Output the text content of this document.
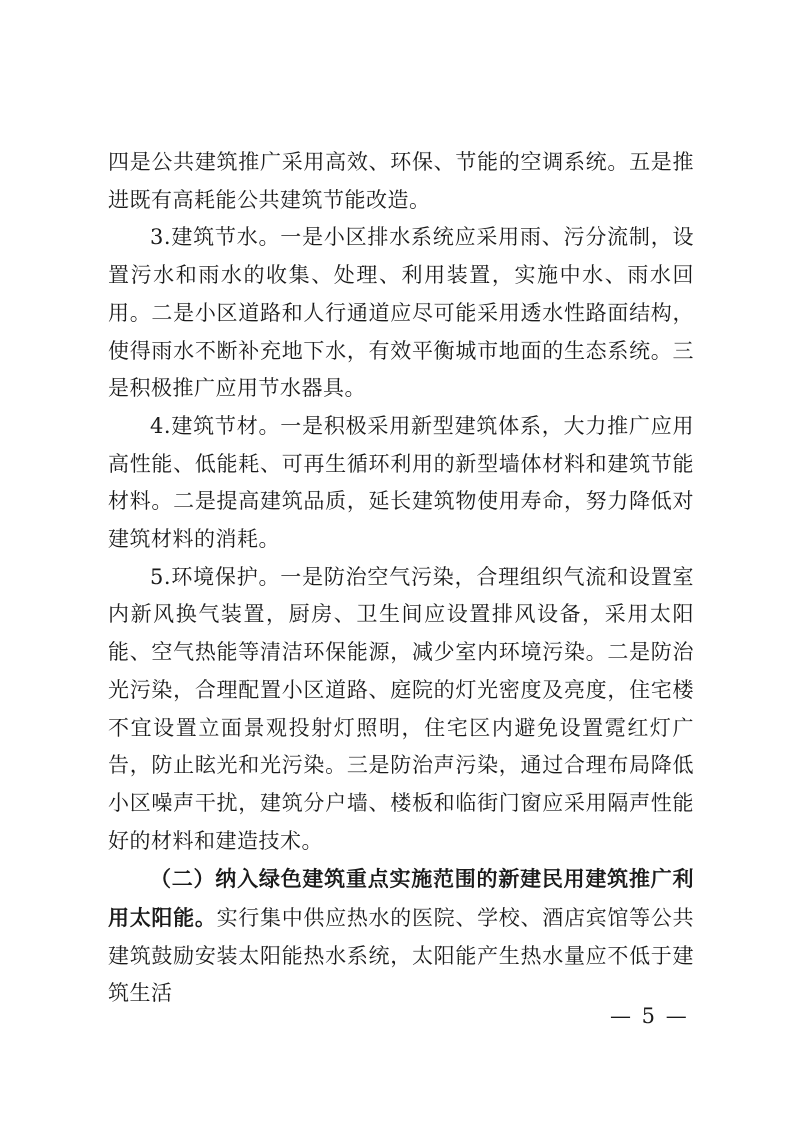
四是公共建筑推广采用高效、环保、节能的空调系统。五是推进既有高耗能公共建筑节能改造。

3.建筑节水。一是小区排水系统应采用雨、污分流制，设置污水和雨水的收集、处理、利用装置，实施中水、雨水回用。二是小区道路和人行通道应尽可能采用透水性路面结构，使得雨水不断补充地下水，有效平衡城市地面的生态系统。三是积极推广应用节水器具。

4.建筑节材。一是积极采用新型建筑体系，大力推广应用高性能、低能耗、可再生循环利用的新型墙体材料和建筑节能材料。二是提高建筑品质，延长建筑物使用寿命，努力降低对建筑材料的消耗。

5.环境保护。一是防治空气污染，合理组织气流和设置室内新风换气装置，厨房、卫生间应设置排风设备，采用太阳能、空气热能等清洁环保能源，减少室内环境污染。二是防治光污染，合理配置小区道路、庭院的灯光密度及亮度，住宅楼不宜设置立面景观投射灯照明，住宅区内避免设置霓红灯广告，防止眩光和光污染。三是防治声污染，通过合理布局降低小区噪声干扰，建筑分户墙、楼板和临街门窗应采用隔声性能好的材料和建造技术。

（二）纳入绿色建筑重点实施范围的新建民用建筑推广利用太阳能。实行集中供应热水的医院、学校、酒店宾馆等公共建筑鼓励安装太阳能热水系统，太阳能产生热水量应不低于建筑生活

— 5 —
